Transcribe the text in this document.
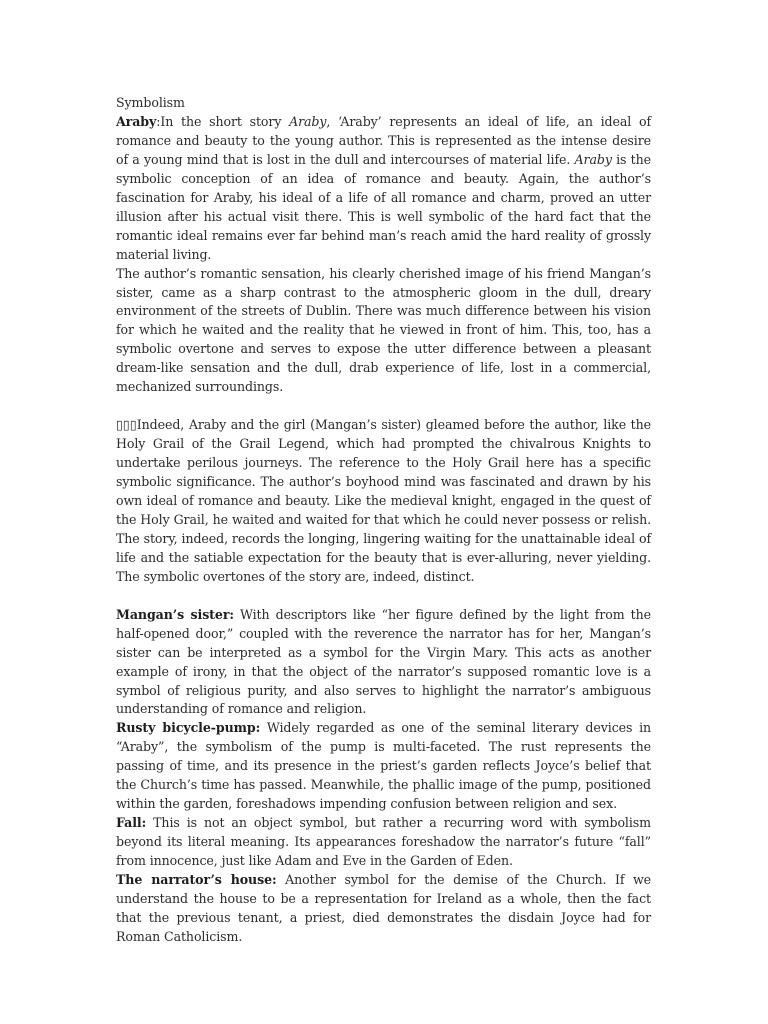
Symbolism

Araby:In the short story Araby, ‘Araby’ represents an ideal of life, an ideal of romance and beauty to the young author. This is represented as the intense desire of a young mind that is lost in the dull and intercourses of material life. Araby is the symbolic conception of an idea of romance and beauty. Again, the author’s fascination for Araby, his ideal of a life of all romance and charm, proved an utter illusion after his actual visit there. This is well symbolic of the hard fact that the romantic ideal remains ever far behind man’s reach amid the hard reality of grossly material living.

The author’s romantic sensation, his clearly cherished image of his friend Mangan’s sister, came as a sharp contrast to the atmospheric gloom in the dull, dreary environment of the streets of Dublin. There was much difference between his vision for which he waited and the reality that he viewed in front of him. This, too, has a symbolic overtone and serves to expose the utter difference between a pleasant dream-like sensation and the dull, drab experience of life, lost in a commercial, mechanized surroundings.

▯▯▯Indeed, Araby and the girl (Mangan’s sister) gleamed before the author, like the Holy Grail of the Grail Legend, which had prompted the chivalrous Knights to undertake perilous journeys. The reference to the Holy Grail here has a specific symbolic significance. The author’s boyhood mind was fascinated and drawn by his own ideal of romance and beauty. Like the medieval knight, engaged in the quest of the Holy Grail, he waited and waited for that which he could never possess or relish. The story, indeed, records the longing, lingering waiting for the unattainable ideal of life and the satiable expectation for the beauty that is ever-alluring, never yielding. The symbolic overtones of the story are, indeed, distinct.

Mangan’s sister: With descriptors like “her figure defined by the light from the half-opened door,” coupled with the reverence the narrator has for her, Mangan’s sister can be interpreted as a symbol for the Virgin Mary. This acts as another example of irony, in that the object of the narrator’s supposed romantic love is a symbol of religious purity, and also serves to highlight the narrator’s ambiguous understanding of romance and religion.

Rusty bicycle-pump: Widely regarded as one of the seminal literary devices in “Araby”, the symbolism of the pump is multi-faceted. The rust represents the passing of time, and its presence in the priest’s garden reflects Joyce’s belief that the Church’s time has passed. Meanwhile, the phallic image of the pump, positioned within the garden, foreshadows impending confusion between religion and sex.

Fall: This is not an object symbol, but rather a recurring word with symbolism beyond its literal meaning. Its appearances foreshadow the narrator’s future “fall” from innocence, just like Adam and Eve in the Garden of Eden.

The narrator’s house: Another symbol for the demise of the Church. If we understand the house to be a representation for Ireland as a whole, then the fact that the previous tenant, a priest, died demonstrates the disdain Joyce had for Roman Catholicism.
